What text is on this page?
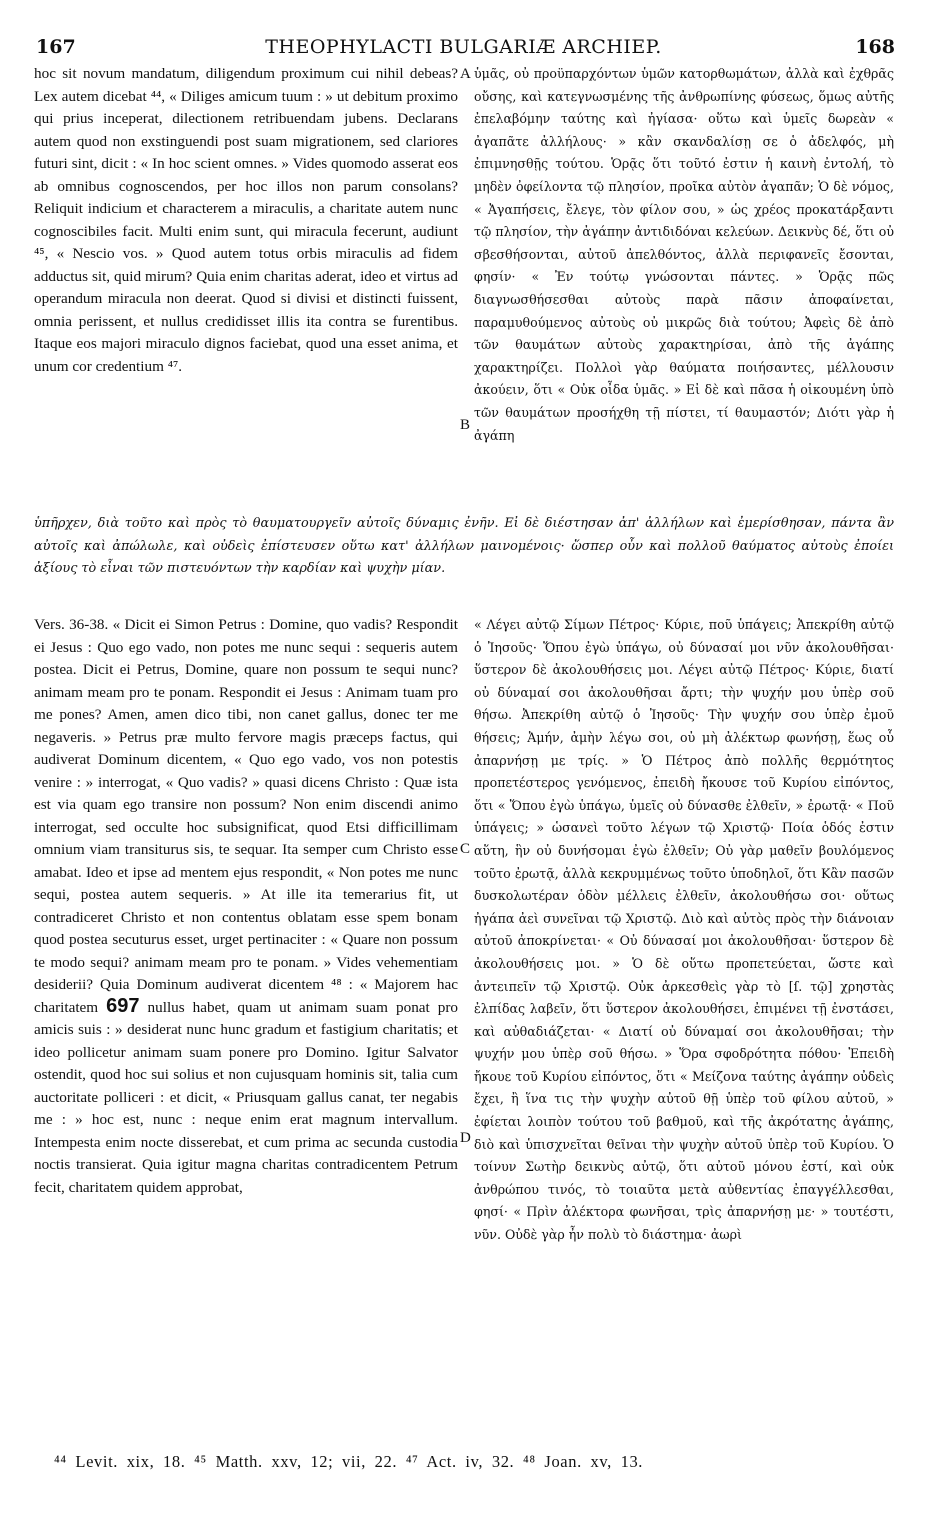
167	THEOPHYLACTI BULGARIÆ ARCHIEP.	168

hoc sit novum mandatum, diligendum proximum cui nihil debeas? Lex autem dicebat ⁴⁴, « Diliges amicum tuum : » ut debitum proximo qui prius inceperat, dilectionem retribuendam jubens. Declarans autem quod non exstinguendi post suam migrationem, sed clariores futuri sint, dicit : « In hoc scient omnes. » Vides quomodo asserat eos ab omnibus cognoscendos, per hoc illos non parum consolans? Reliquit indicium et characterem a miraculis, a charitate autem nunc cognoscibiles facit. Multi enim sunt, qui miracula fecerunt, audiunt ⁴⁵, « Nescio vos. » Quod autem totus orbis miraculis ad fidem adductus sit, quid mirum? Quia enim charitas aderat, ideo et virtus ad operandum miracula non deerat. Quod si divisi et distincti fuissent, omnia perissent, et nullus credidisset illis ita contra se furentibus. Itaque eos majori miraculo dignos faciebat, quod una esset anima, et unum cor credentium ⁴⁷.

A
B

ὑμᾶς, οὐ προϋπαρχόντων ὑμῶν κατορθωμάτων, ἀλλὰ καὶ ἐχθρᾶς οὔσης, καὶ κατεγνωσμένης τῆς ἀνθρωπίνης φύσεως, ὅμως αὐτῆς ἐπελαβόμην ταύτης καὶ ἠγίασα· οὕτω καὶ ὑμεῖς δωρεὰν « ἀγαπᾶτε ἀλλήλους· » κἂν σκανδαλίσῃ σε ὁ ἀδελφός, μὴ ἐπιμνησθῇς τούτου. Ὁρᾷς ὅτι τοῦτό ἐστιν ἡ καινὴ ἐντολή, τὸ μηδὲν ὀφείλοντα τῷ πλησίον, προῖκα αὐτὸν ἀγαπᾶν; Ὁ δὲ νόμος, « Ἀγαπήσεις, ἔλεγε, τὸν φίλον σου, » ὡς χρέος προκατάρξαντι τῷ πλησίον, τὴν ἀγάπην ἀντιδιδόναι κελεύων. Δεικνὺς δέ, ὅτι οὐ σβεσθήσονται, αὐτοῦ ἀπελθόντος, ἀλλὰ περιφανεῖς ἔσονται, φησίν· « Ἐν τούτῳ γνώσονται πάντες. » Ὁρᾷς πῶς διαγνωσθήσεσθαι αὐτοὺς παρὰ πᾶσιν ἀποφαίνεται, παραμυθούμενος αὐτοὺς οὐ μικρῶς διὰ τούτου; Ἀφεὶς δὲ ἀπὸ τῶν θαυμάτων αὐτοὺς χαρακτηρίσαι, ἀπὸ τῆς ἀγάπης χαρακτηρίζει. Πολλοὶ γὰρ θαύματα ποιήσαντες, μέλλουσιν ἀκούειν, ὅτι « Οὐκ οἶδα ὑμᾶς. » Εἰ δὲ καὶ πᾶσα ἡ οἰκουμένη ὑπὸ τῶν θαυμάτων προσήχθη τῇ πίστει, τί θαυμαστόν; Διότι γὰρ ἡ ἀγάπη

ὑπῆρχεν, διὰ τοῦτο καὶ πρὸς τὸ θαυματουργεῖν αὐτοῖς δύναμις ἐνῆν. Εἰ δὲ διέστησαν ἀπ' ἀλλήλων καὶ ἐμερίσθησαν, πάντα ἂν αὐτοῖς καὶ ἀπώλωλε, καὶ οὐδεὶς ἐπίστευσεν οὕτω κατ' ἀλλήλων μαινομένοις· ὥσπερ οὖν καὶ πολλοῦ θαύματος αὐτοὺς ἐποίει ἀξίους τὸ εἶναι τῶν πιστευόντων τὴν καρδίαν καὶ ψυχὴν μίαν.

Vers. 36-38. « Dicit ei Simon Petrus : Domine, quo vadis? Respondit ei Jesus : Quo ego vado, non potes me nunc sequi : sequeris autem postea. Dicit ei Petrus, Domine, quare non possum te sequi nunc? animam meam pro te ponam. Respondit ei Jesus : Animam tuam pro me pones? Amen, amen dico tibi, non canet gallus, donec ter me negaveris. » Petrus præ multo fervore magis præceps factus, qui audiverat Dominum dicentem, « Quo ego vado, vos non potestis venire : » interrogat, « Quo vadis? » quasi dicens Christo : Quæ ista est via quam ego transire non possum? Non enim discendi animo interrogat, sed occulte hoc subsignificat, quod Etsi difficillimam omnium viam transiturus sis, te sequar. Ita semper cum Christo esse amabat. Ideo et ipse ad mentem ejus respondit, « Non potes me nunc sequi, postea autem sequeris. » At ille ita temerarius fit, ut contradiceret Christo et non contentus oblatam esse spem bonam quod postea secuturus esset, urget pertinaciter : « Quare non possum te modo sequi? animam meam pro te ponam. » Vides vehementiam desiderii? Quia Dominum audiverat dicentem ⁴⁸ : « Majorem hac charitatem 697 nullus habet, quam ut animam suam ponat pro amicis suis : » desiderat nunc hunc gradum et fastigium charitatis; et ideo pollicetur animam suam ponere pro Domino. Igitur Salvator ostendit, quod hoc sui solius et non cujusquam hominis sit, talia cum auctoritate polliceri : et dicit, « Priusquam gallus canat, ter negabis me : » hoc est, nunc : neque enim erat magnum intervallum. Intempesta enim nocte disserebat, et cum prima ac secunda custodia noctis transierat. Quia igitur magna charitas contradicentem Petrum fecit, charitatem quidem approbat,

C
D

« Λέγει αὐτῷ Σίμων Πέτρος· Κύριε, ποῦ ὑπάγεις; Ἀπεκρίθη αὐτῷ ὁ Ἰησοῦς· Ὅπου ἐγὼ ὑπάγω, οὐ δύνασαί μοι νῦν ἀκολουθῆσαι· ὕστερον δὲ ἀκολουθήσεις μοι. Λέγει αὐτῷ Πέτρος· Κύριε, διατί οὐ δύναμαί σοι ἀκολουθῆσαι ἄρτι; τὴν ψυχήν μου ὑπὲρ σοῦ θήσω. Ἀπεκρίθη αὐτῷ ὁ Ἰησοῦς· Τὴν ψυχήν σου ὑπὲρ ἐμοῦ θήσεις; Ἀμήν, ἀμὴν λέγω σοι, οὐ μὴ ἀλέκτωρ φωνήσῃ, ἕως οὗ ἀπαρνήσῃ με τρίς. » Ὁ Πέτρος ἀπὸ πολλῆς θερμότητος προπετέστερος γενόμενος, ἐπειδὴ ἤκουσε τοῦ Κυρίου εἰπόντος, ὅτι « Ὅπου ἐγὼ ὑπάγω, ὑμεῖς οὐ δύνασθε ἐλθεῖν, » ἐρωτᾷ· « Ποῦ ὑπάγεις; » ὡσανεὶ τοῦτο λέγων τῷ Χριστῷ· Ποία ὁδός ἐστιν αὕτη, ἣν οὐ δυνήσομαι ἐγὼ ἐλθεῖν; Οὐ γὰρ μαθεῖν βουλόμενος τοῦτο ἐρωτᾷ, ἀλλὰ κεκρυμμένως τοῦτο ὑποδηλοῖ, ὅτι Κἂν πασῶν δυσκολωτέραν ὁδὸν μέλλεις ἐλθεῖν, ἀκολουθήσω σοι· οὕτως ἠγάπα ἀεὶ συνεῖναι τῷ Χριστῷ. Διὸ καὶ αὐτὸς πρὸς τὴν διάνοιαν αὐτοῦ ἀποκρίνεται· « Οὐ δύνασαί μοι ἀκολουθῆσαι· ὕστερον δὲ ἀκολουθήσεις μοι. » Ὁ δὲ οὕτω προπετεύεται, ὥστε καὶ ἀντειπεῖν τῷ Χριστῷ. Οὐκ ἀρκεσθεὶς γὰρ τὸ [ſ. τῷ] χρηστὰς ἐλπίδας λαβεῖν, ὅτι ὕστερον ἀκολουθήσει, ἐπιμένει τῇ ἐνστάσει, καὶ αὐθαδιάζεται· « Διατί οὐ δύναμαί σοι ἀκολουθῆσαι; τὴν ψυχήν μου ὑπὲρ σοῦ θήσω. » Ὅρα σφοδρότητα πόθου· Ἐπειδὴ ἤκουε τοῦ Κυρίου εἰπόντος, ὅτι « Μείζονα ταύτης ἀγάπην οὐδεὶς ἔχει, ἢ ἵνα τις τὴν ψυχὴν αὐτοῦ θῇ ὑπὲρ τοῦ φίλου αὐτοῦ, » ἐφίεται λοιπὸν τούτου τοῦ βαθμοῦ, καὶ τῆς ἀκρότατης ἀγάπης, διὸ καὶ ὑπισχνεῖται θεῖναι τὴν ψυχὴν αὐτοῦ ὑπὲρ τοῦ Κυρίου. Ὁ τοίνυν Σωτὴρ δεικνὺς αὐτῷ, ὅτι αὐτοῦ μόνου ἐστί, καὶ οὐκ ἀνθρώπου τινός, τὸ τοιαῦτα μετὰ αὐθεντίας ἐπαγγέλλεσθαι, φησί· « Πρὶν ἀλέκτορα φωνῆσαι, τρὶς ἀπαρνήσῃ με· » τουτέστι, νῦν. Οὐδὲ γὰρ ἦν πολὺ τὸ διάστημα· ἀωρὶ

⁴⁴ Levit. xix, 18. ⁴⁵ Matth. xxv, 12; vii, 22. ⁴⁷ Act. iv, 32. ⁴⁸ Joan. xv, 13.
